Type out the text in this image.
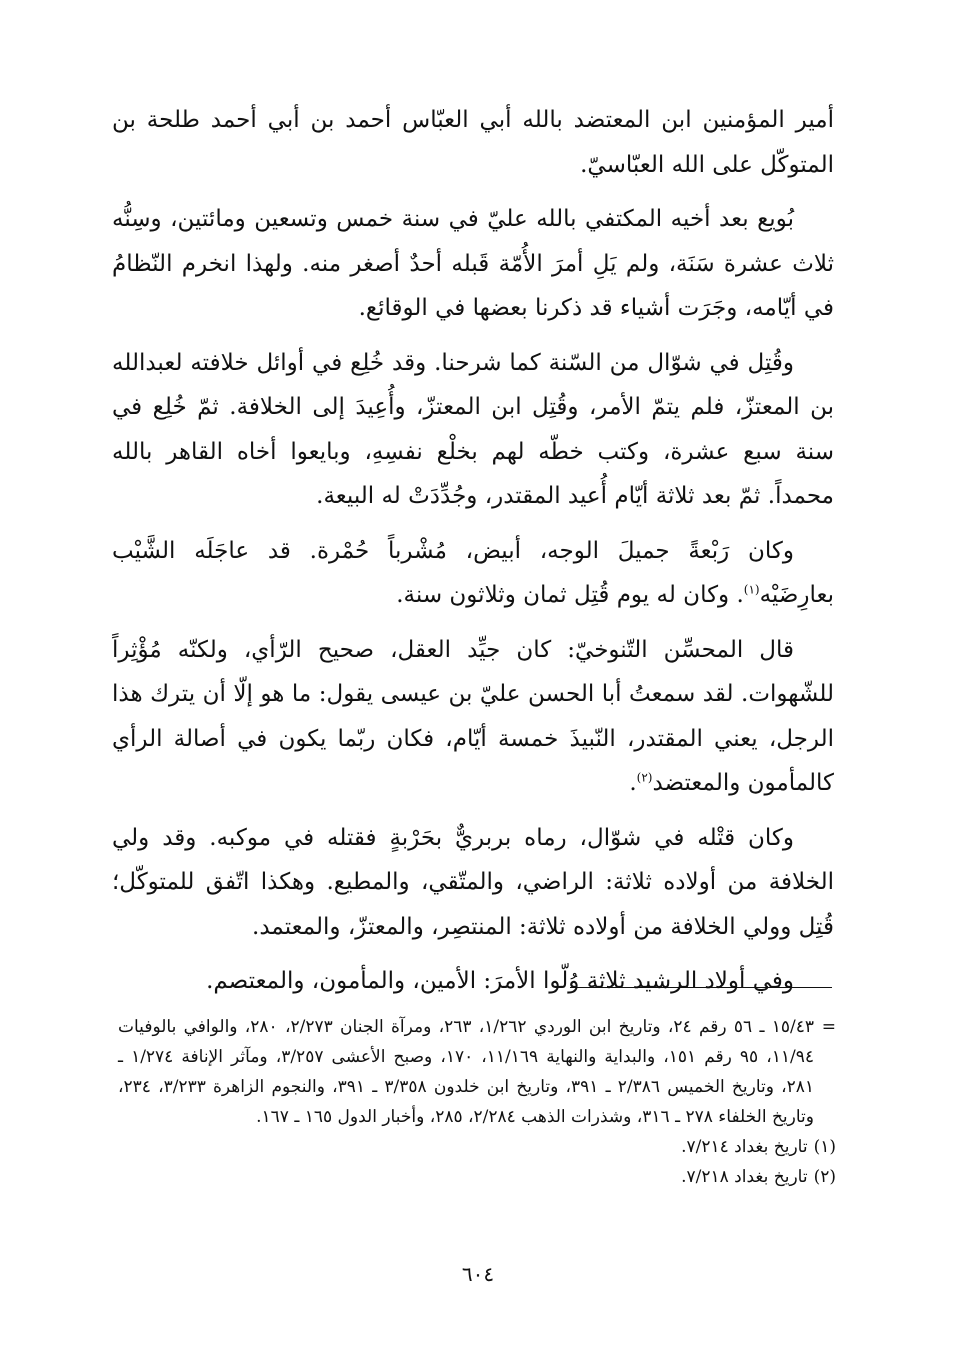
أمير المؤمنين ابن المعتضد بالله أبي العبّاس أحمد بن أبي أحمد طلحة بن المتوكّل على الله العبّاسيّ.

بُويع بعد أخيه المكتفي بالله عليّ في سنة خمس وتسعين ومائتين، وسِنُّه ثلاث عشرة سَنَة، ولم يَلِ أمرَ الأُمّة قَبله أحدٌ أصغر منه. ولهذا انخرم النّظامُ في أيّامه، وجَرَت أشياء قد ذكرنا بعضها في الوقائع.

وقُتِل في شوّال من السّنة كما شرحنا. وقد خُلِع في أوائل خلافته لعبدالله بن المعتزّ، فلم يتمّ الأمر، وقُتِل ابن المعتزّ، وأُعِيدَ إلى الخلافة. ثمّ خُلِع في سنة سبع عشرة، وكتب خطّه لهم بخلْع نفسِهِ، وبايعوا أخاه القاهر بالله محمداً. ثمّ بعد ثلاثة أيّام أُعيد المقتدر، وجُدِّدَتْ له البيعة.

وكان رَبْعةً جميلَ الوجه، أبيض، مُشْرباً حُمْرة. قد عاجَلَه الشَّيْب بعارِضَيْه$^{(١)}$. وكان له يوم قُتِل ثمان وثلاثون سنة.

قال المحسِّن التّنوخيّ: كان جيِّد العقل، صحيح الرّأي، ولكنّه مُؤْثِراً للشّهوات. لقد سمعتُ أبا الحسن عليّ بن عيسى يقول: ما هو إلّا أن يترك هذا الرجل، يعني المقتدر، النّبيذَ خمسة أيّام، فكان ربّما يكون في أصالة الرأي كالمأمون والمعتضد$^{(٢)}$.

وكان قتْله في شوّال، رماه بربريٌّ بحَرْبةٍ فقتله في موكبه. وقد ولي الخلافة من أولاده ثلاثة: الراضي، والمتّقي، والمطيع. وهكذا اتّفق للمتوكّل؛ قُتِل وولي الخلافة من أولاده ثلاثة: المنتصِر، والمعتزّ، والمعتمد.

وفي أولاد الرشيد ثلاثة وُلّوا الأمرَ: الأمين، والمأمون، والمعتصم.

=
١٥/٤٣ ـ ٥٦ رقم ٢٤، وتاريخ ابن الوردي ١/٢٦٢، ٢٦٣، ومرآة الجنان ٢/٢٧٣، ٢٨٠، والوافي بالوفيات ١١/٩٤، ٩٥ رقم ١٥١، والبداية والنهاية ١١/١٦٩، ١٧٠، وصبح الأعشى ٣/٢٥٧، ومآثر الإنافة ١/٢٧٤ ـ ٢٨١، وتاريخ الخميس ٢/٣٨٦ ـ ٣٩١، وتاريخ ابن خلدون ٣/٣٥٨ ـ ٣٩١، والنجوم الزاهرة ٣/٢٣٣، ٢٣٤، وتاريخ الخلفاء ٢٧٨ ـ ٣١٦، وشذرات الذهب ٢/٢٨٤، ٢٨٥، وأخبار الدول ١٦٥ ـ ١٦٧.

(١)تاريخ بغداد ٧/٢١٤.

(٢)تاريخ بغداد ٧/٢١٨.

٦٠٤
